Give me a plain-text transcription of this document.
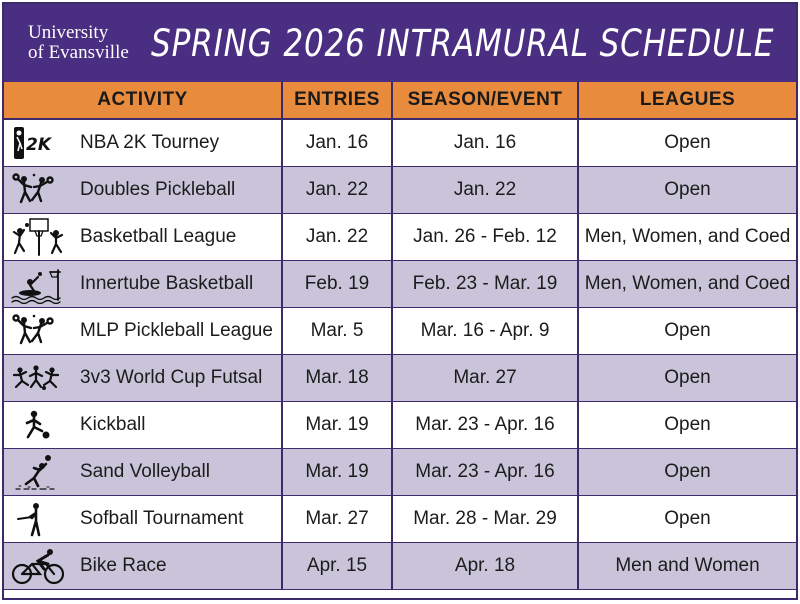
University
of Evansville SPRING 2026 INTRAMURAL SCHEDULE
ACTIVITY	ENTRIES	SEASON/EVENT	LEAGUES

2K NBA 2K Tourney	Jan. 16	Jan. 16	Open

Doubles Pickleball	Jan. 22	Jan. 22	Open

Basketball League	Jan. 22	Jan. 26 - Feb. 12	Men, Women, and Coed

Innertube Basketball	Feb. 19	Feb. 23 - Mar. 19	Men, Women, and Coed

MLP Pickleball League	Mar. 5	Mar. 16 - Apr. 9	Open

3v3 World Cup Futsal	Mar. 18	Mar. 27	Open

Kickball	Mar. 19	Mar. 23 - Apr. 16	Open

Sand Volleyball	Mar. 19	Mar. 23 - Apr. 16	Open

Sofball Tournament	Mar. 27	Mar. 28 - Mar. 29	Open

Bike Race	Apr. 15	Apr. 18	Men and Women
